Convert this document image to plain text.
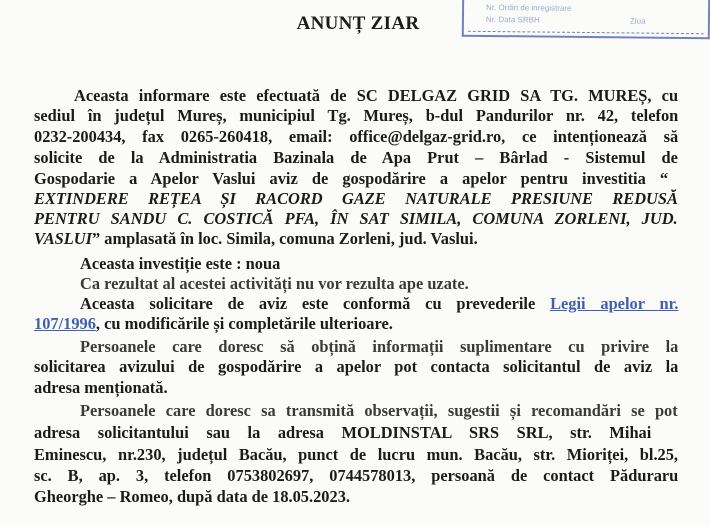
Nr. Ordin de inregistrare
Nr. Data SRBH	Ziua
ANUNȚ ZIAR
Aceasta informare este efectuată de SC DELGAZ GRID SA TG. MUREȘ, cu
sediul în județul Mureș, municipiul Tg. Mureș, b-dul Pandurilor nr. 42, telefon
0232-200434, fax 0265-260418, email: office@delgaz-grid.ro, ce intenționează să
solicite de la Administratia Bazinala de Apa Prut – Bârlad - Sistemul de
Gospodarie a Apelor Vaslui aviz de gospodărire a apelor pentru investitia “
EXTINDERE REȚEA ȘI RACORD GAZE NATURALE PRESIUNE REDUSĂ
PENTRU SANDU C. COSTICĂ PFA, ÎN SAT SIMILA, COMUNA ZORLENI, JUD.
VASLUI” amplasată în loc. Simila, comuna Zorleni, jud. Vaslui.
Aceasta investiție este : noua
Ca rezultat al acestei activități nu vor rezulta ape uzate.
Aceasta solicitare de aviz este conformă cu prevederile Legii apelor nr.
107/1996, cu modificările și completările ulterioare.
Persoanele care doresc să obțină informații suplimentare cu privire la
solicitarea avizului de gospodărire a apelor pot contacta solicitantul de aviz la
adresa menționată.
Persoanele care doresc sa transmită observații, sugestii și recomandări se pot
adresa solicitantului sau la adresa MOLDINSTAL SRS SRL, str. Mihai
Eminescu, nr.230, județul Bacău, punct de lucru mun. Bacău, str. Mioriței, bl.25,
sc. B, ap. 3, telefon 0753802697, 0744578013, persoană de contact Păduraru
Gheorghe – Romeo, după data de 18.05.2023.
